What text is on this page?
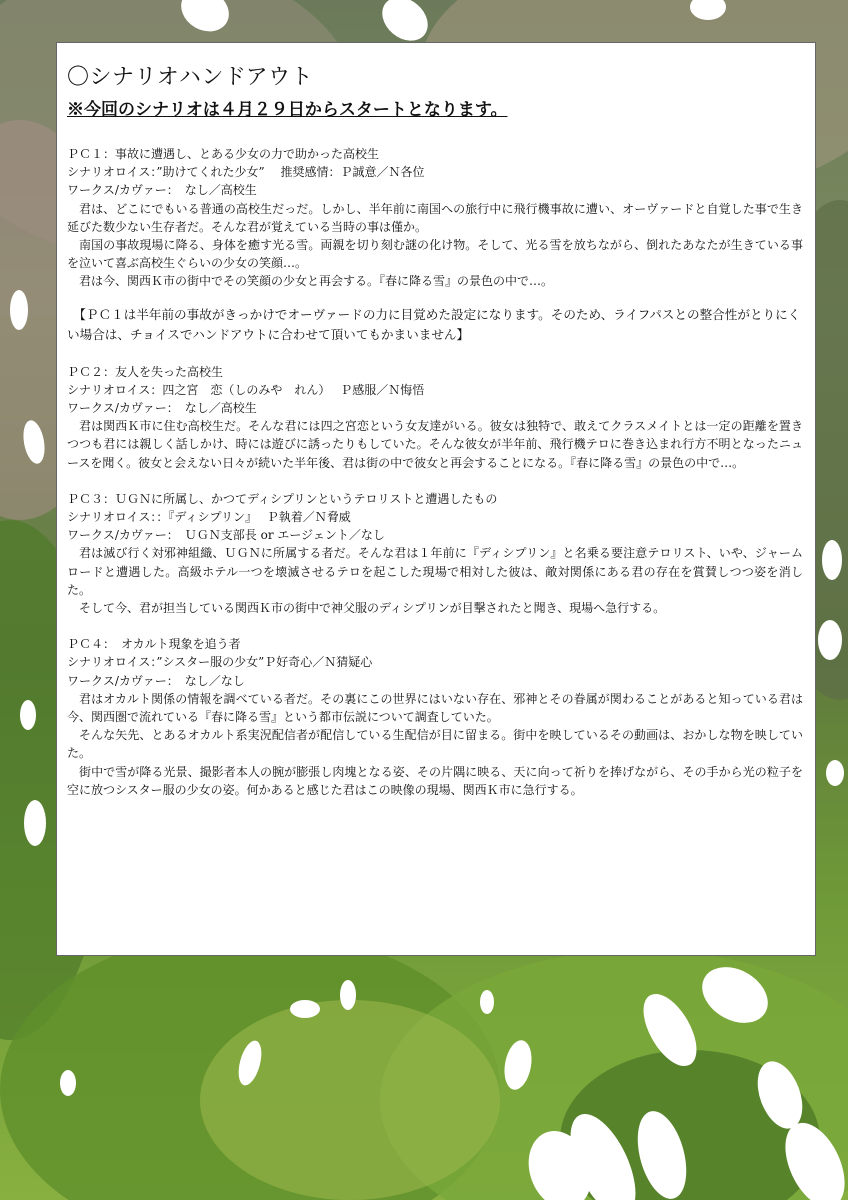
〇シナリオハンドアウト
※今回のシナリオは４月２９日からスタートとなります。
ＰＣ１：事故に遭遇し、とある少女の力で助かった高校生
シナリオロイス：”助けてくれた少女”　 推奨感情：Ｐ誠意／Ｎ各位
ワークス/カヴァー：　なし／高校生
君は、どこにでもいる普通の高校生だっだ。しかし、半年前に南国への旅行中に飛行機事故に遭い、オーヴァードと自覚した事で生き延びた数少ない生存者だ。そんな君が覚えている当時の事は僅か。
南国の事故現場に降る、身体を癒す光る雪。両親を切り刻む謎の化け物。そして、光る雪を放ちながら、倒れたあなたが生きている事を泣いて喜ぶ高校生ぐらいの少女の笑顔…。
君は今、関西Ｋ市の街中でその笑顔の少女と再会する。『春に降る雪』の景色の中で…。
【ＰＣ１は半年前の事故がきっかけでオーヴァードの力に目覚めた設定になります。そのため、ライフパスとの整合性がとりにくい場合は、チョイスでハンドアウトに合わせて頂いてもかまいません】
ＰＣ２：友人を失った高校生
シナリオロイス：四之宮　恋（しのみや　れん）　 Ｐ感服／Ｎ悔悟
ワークス/カヴァー：　なし／高校生
君は関西Ｋ市に住む高校生だ。そんな君には四之宮恋という女友達がいる。彼女は独特で、敢えてクラスメイトとは一定の距離を置きつつも君には親しく話しかけ、時には遊びに誘ったりもしていた。そんな彼女が半年前、飛行機テロに巻き込まれ行方不明となったニュースを聞く。彼女と会えない日々が続いた半年後、君は街の中で彼女と再会することになる。『春に降る雪』の景色の中で…。
ＰＣ３：ＵＧＮに所属し、かつてディシプリンというテロリストと遭遇したもの
シナリオロイス：：『ディシプリン』　 Ｐ執着／Ｎ脅威
ワークス/カヴァー：　ＵＧＮ支部長 or エージェント／なし
君は滅び行く対邪神組織、ＵＧＮに所属する者だ。そんな君は１年前に『ディシプリン』と名乗る要注意テロリスト、いや、ジャームロードと遭遇した。高級ホテル一つを壊滅させるテロを起こした現場で相対した彼は、敵対関係にある君の存在を賞賛しつつ姿を消した。
そして今、君が担当している関西Ｋ市の街中で神父服のディシプリンが目撃されたと聞き、現場へ急行する。
ＰＣ４：　オカルト現象を追う者
シナリオロイス：”シスター服の少女”Ｐ好奇心／Ｎ猜疑心
ワークス/カヴァー：　なし／なし
君はオカルト関係の情報を調べている者だ。その裏にこの世界にはいない存在、邪神とその眷属が関わることがあると知っている君は今、関西圏で流れている『春に降る雪』という都市伝説について調査していた。
そんな矢先、とあるオカルト系実況配信者が配信している生配信が目に留まる。街中を映しているその動画は、おかしな物を映していた。
街中で雪が降る光景、撮影者本人の腕が膨張し肉塊となる姿、その片隅に映る、天に向って祈りを捧げながら、その手から光の粒子を空に放つシスター服の少女の姿。何かあると感じた君はこの映像の現場、関西Ｋ市に急行する。
